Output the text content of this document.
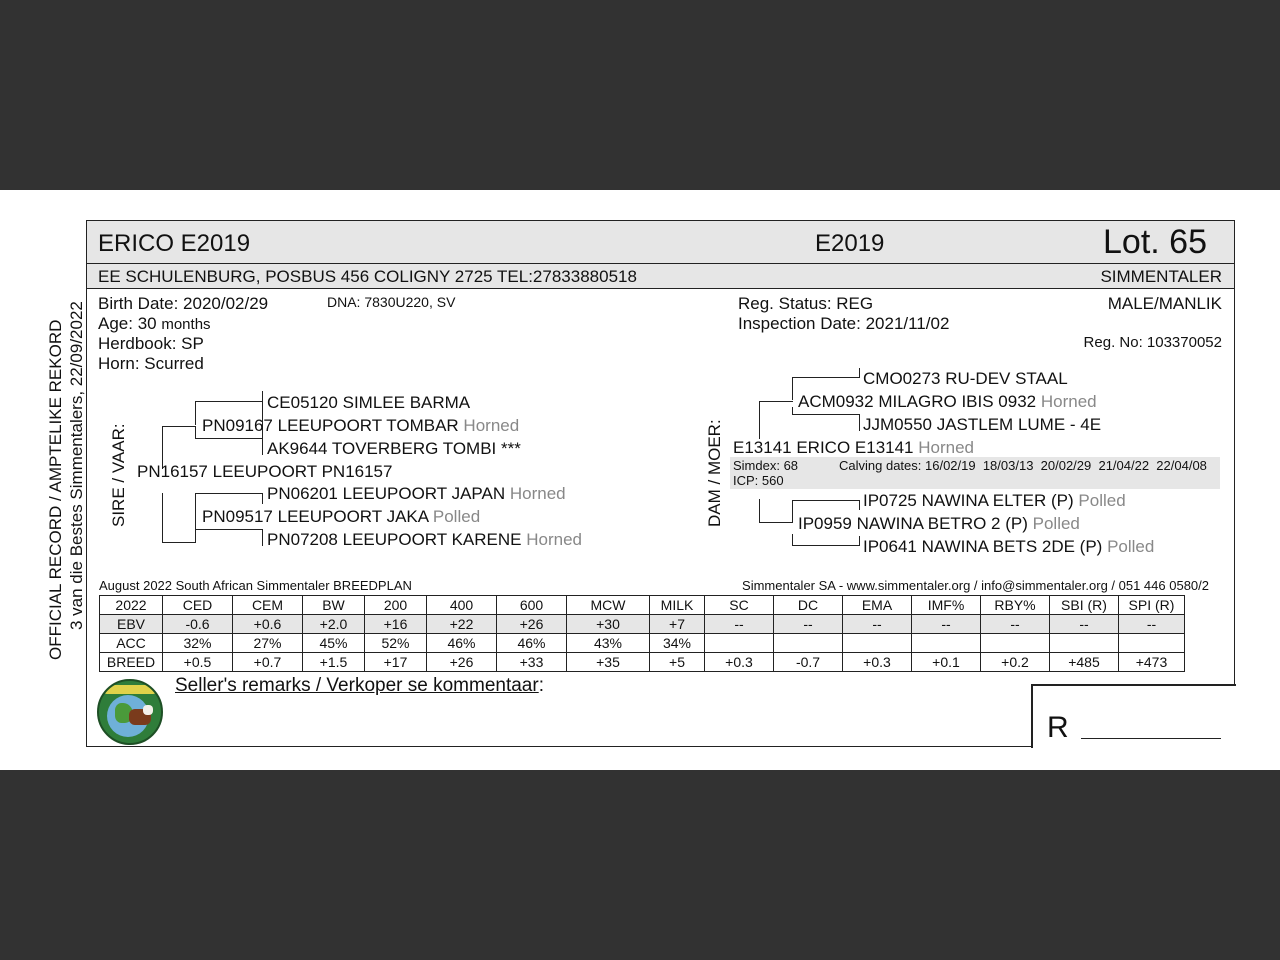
OFFICIAL RECORD / AMPTELIKE REKORD 3 van die Bestes Simmentalers, 22/09/2022
ERICO E2019	E2019	Lot. 65
EE SCHULENBURG, POSBUS 456 COLIGNY 2725 TEL:27833880518	SIMMENTALER
Birth Date: 2020/02/29	DNA: 7830U220, SV
Age: 30 months
Herdbook: SP
Horn: Scurred
Reg. Status: REG
Inspection Date: 2021/11/02
MALE/MANLIK
Reg. No: 103370052
SIRE / VAAR:
CE05120 SIMLEE BARMA
PN09167 LEEUPOORT TOMBAR Horned
AK9644 TOVERBERG TOMBI ***
PN16157 LEEUPOORT PN16157
PN06201 LEEUPOORT JAPAN Horned
PN09517 LEEUPOORT JAKA Polled
PN07208 LEEUPOORT KARENE Horned
DAM / MOER:
CMO0273 RU-DEV STAAL
ACM0932 MILAGRO IBIS 0932 Horned
JJM0550 JASTLEM LUME - 4E
E13141 ERICO E13141 Horned
Simdex: 68	Calving dates: 16/02/19  18/03/13  20/02/29  21/04/22  22/04/08
ICP: 560
IP0725 NAWINA ELTER (P) Polled
IP0959 NAWINA BETRO 2 (P) Polled
IP0641 NAWINA BETS 2DE (P) Polled
August 2022 South African Simmentaler BREEDPLAN	Simmentaler SA - www.simmentaler.org / info@simmentaler.org / 051 446 0580/2
2022	CED	CEM	BW	200	400	600	MCW	MILK	SC	DC	EMA	IMF%	RBY%	SBI (R)	SPI (R)
EBV	-0.6	+0.6	+2.0	+16	+22	+26	+30	+7	--	--	--	--	--	--	--
ACC	32%	27%	45%	52%	46%	46%	43%	34%							
BREED	+0.5	+0.7	+1.5	+17	+26	+33	+35	+5	+0.3	-0.7	+0.3	+0.1	+0.2	+485	+473
Seller's remarks / Verkoper se kommentaar:
R
